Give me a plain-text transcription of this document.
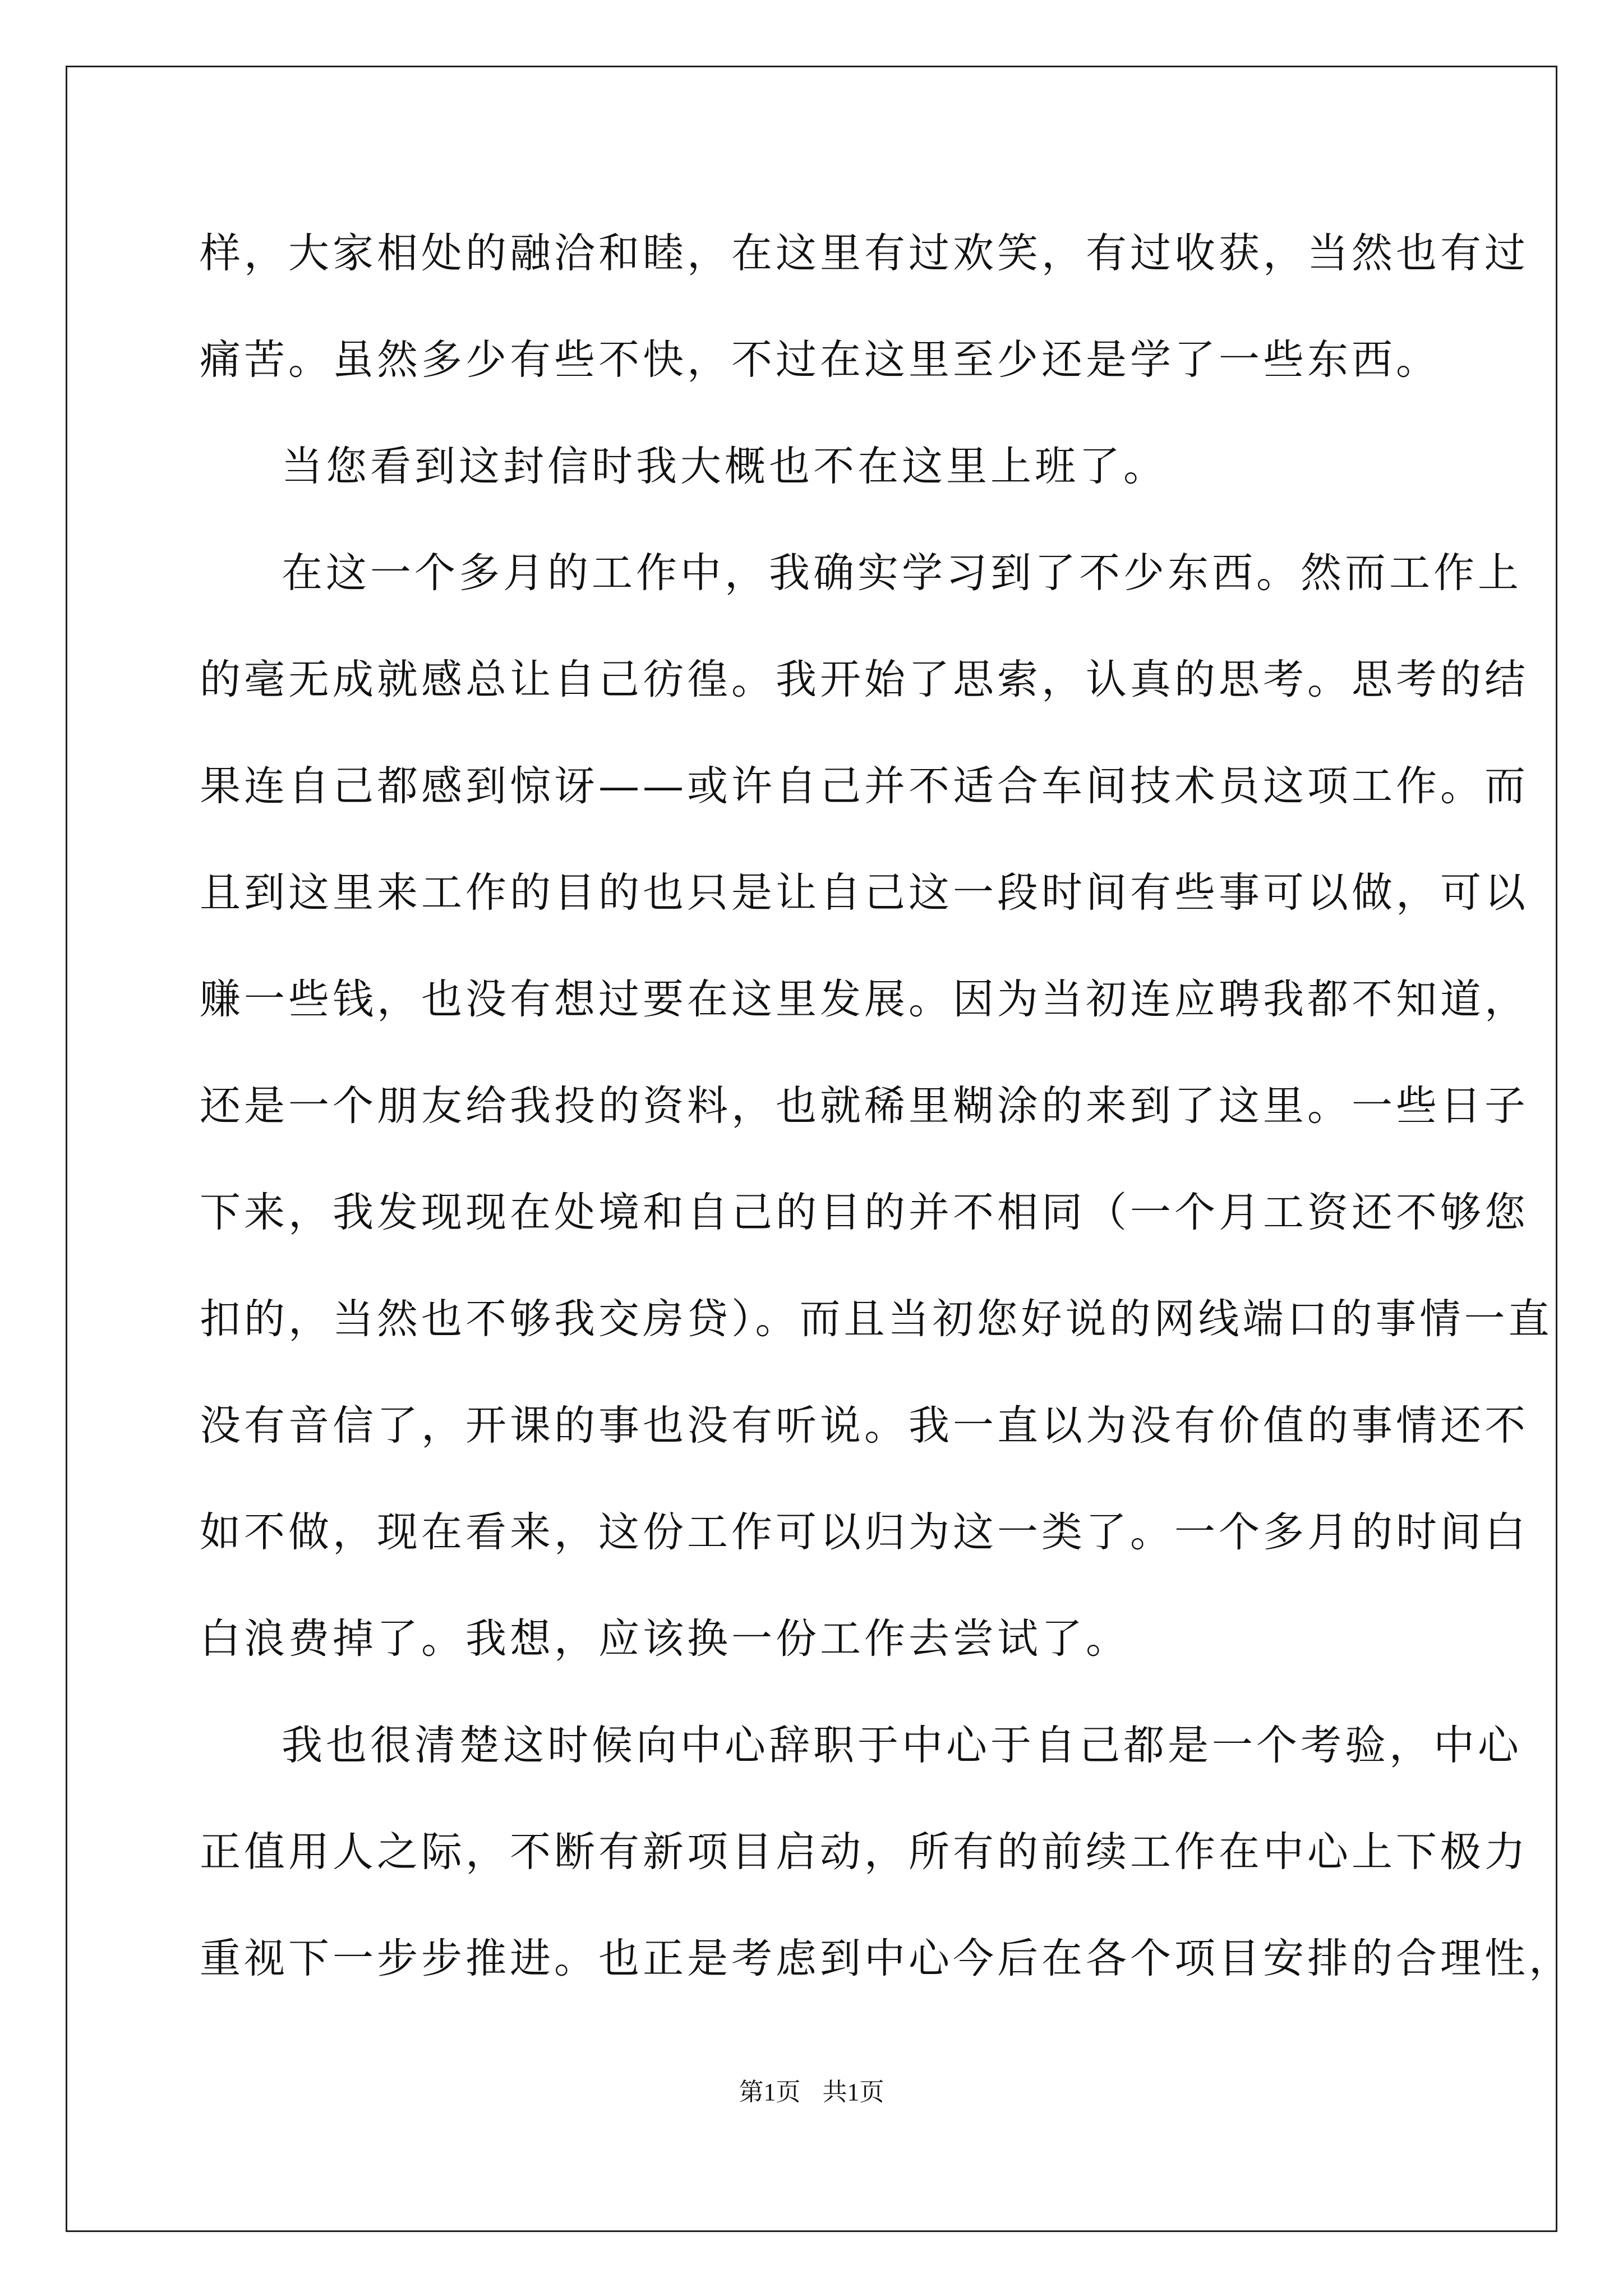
样，大家相处的融洽和睦，在这里有过欢笑，有过收获，当然也有过
痛苦。虽然多少有些不快，不过在这里至少还是学了一些东西。
当您看到这封信时我大概也不在这里上班了。
在这一个多月的工作中，我确实学习到了不少东西。然而工作上
的毫无成就感总让自己彷徨。我开始了思索，认真的思考。思考的结
果连自己都感到惊讶——或许自己并不适合车间技术员这项工作。而
且到这里来工作的目的也只是让自己这一段时间有些事可以做，可以
赚一些钱，也没有想过要在这里发展。因为当初连应聘我都不知道，
还是一个朋友给我投的资料，也就稀里糊涂的来到了这里。一些日子
下来，我发现现在处境和自己的目的并不相同（一个月工资还不够您
扣的，当然也不够我交房贷）。而且当初您好说的网线端口的事情一直
没有音信了，开课的事也没有听说。我一直以为没有价值的事情还不
如不做，现在看来，这份工作可以归为这一类了。一个多月的时间白
白浪费掉了。我想，应该换一份工作去尝试了。
我也很清楚这时候向中心辞职于中心于自己都是一个考验，中心
正值用人之际，不断有新项目启动，所有的前续工作在中心上下极力
重视下一步步推进。也正是考虑到中心今后在各个项目安排的合理性，
第1页 共1页
